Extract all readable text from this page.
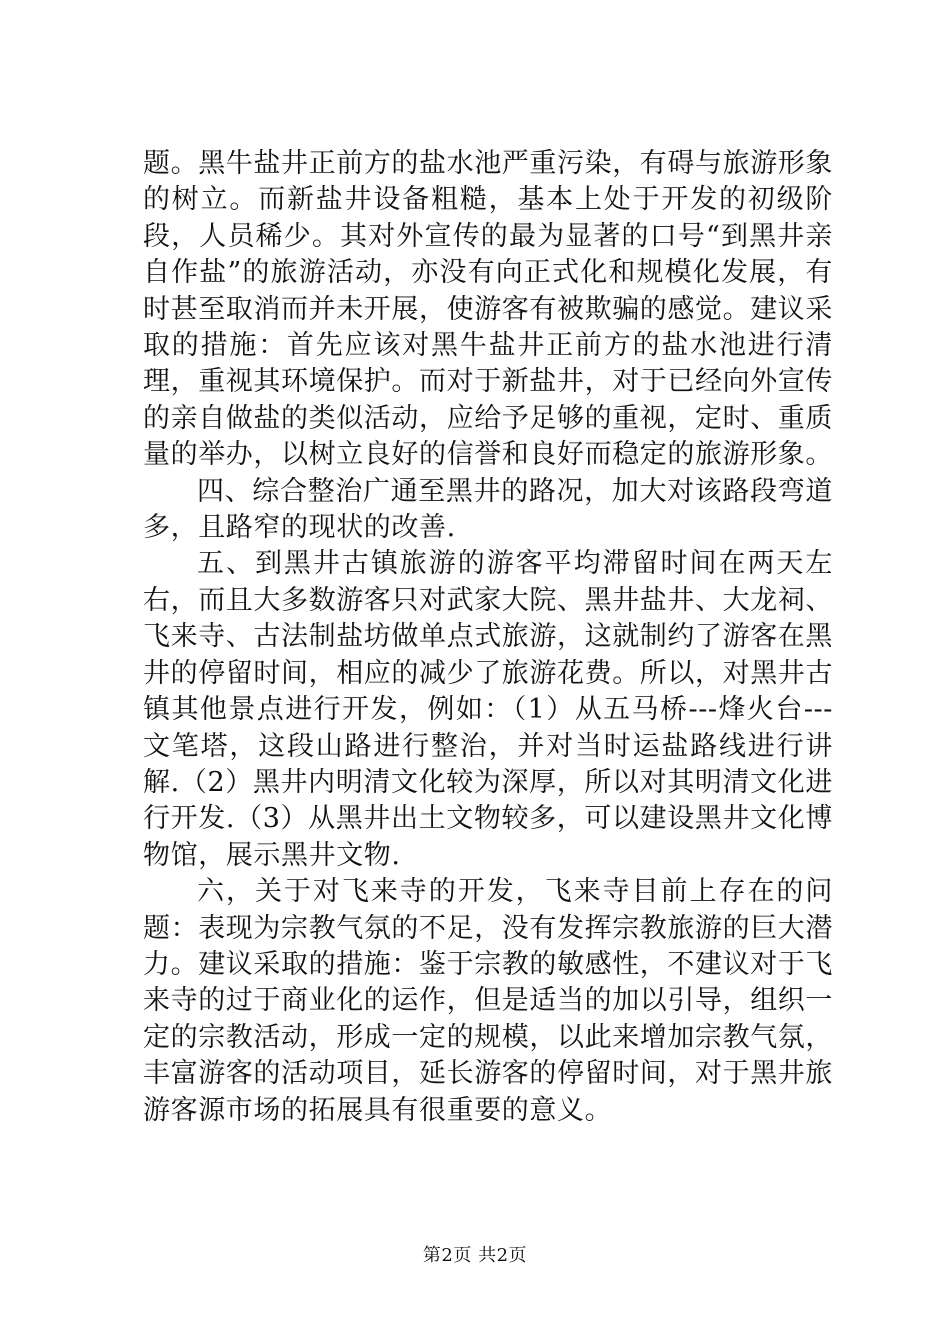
题。黑牛盐井正前方的盐水池严重污染，有碍与旅游形象的树立。而新盐井设备粗糙，基本上处于开发的初级阶段，人员稀少。其对外宣传的最为显著的口号“到黑井亲自作盐”的旅游活动，亦没有向正式化和规模化发展，有时甚至取消而并未开展，使游客有被欺骗的感觉。建议采取的措施：首先应该对黑牛盐井正前方的盐水池进行清理，重视其环境保护。而对于新盐井，对于已经向外宣传的亲自做盐的类似活动，应给予足够的重视，定时、重质量的举办，以树立良好的信誉和良好而稳定的旅游形象。

四、综合整治广通至黑井的路况，加大对该路段弯道多，且路窄的现状的改善.

五、到黑井古镇旅游的游客平均滞留时间在两天左右，而且大多数游客只对武家大院、黑井盐井、大龙祠、飞来寺、古法制盐坊做单点式旅游，这就制约了游客在黑井的停留时间，相应的减少了旅游花费。所以，对黑井古镇其他景点进行开发，例如：（1）从五马桥---烽火台---文笔塔，这段山路进行整治，并对当时运盐路线进行讲解.（2）黑井内明清文化较为深厚，所以对其明清文化进行开发.（3）从黑井出土文物较多，可以建设黑井文化博物馆，展示黑井文物.

六，关于对飞来寺的开发，飞来寺目前上存在的问题：表现为宗教气氛的不足，没有发挥宗教旅游的巨大潜力。建议采取的措施：鉴于宗教的敏感性，不建议对于飞来寺的过于商业化的运作，但是适当的加以引导，组织一定的宗教活动，形成一定的规模，以此来增加宗教气氛，丰富游客的活动项目，延长游客的停留时间，对于黑井旅游客源市场的拓展具有很重要的意义。

第2页 共2页
